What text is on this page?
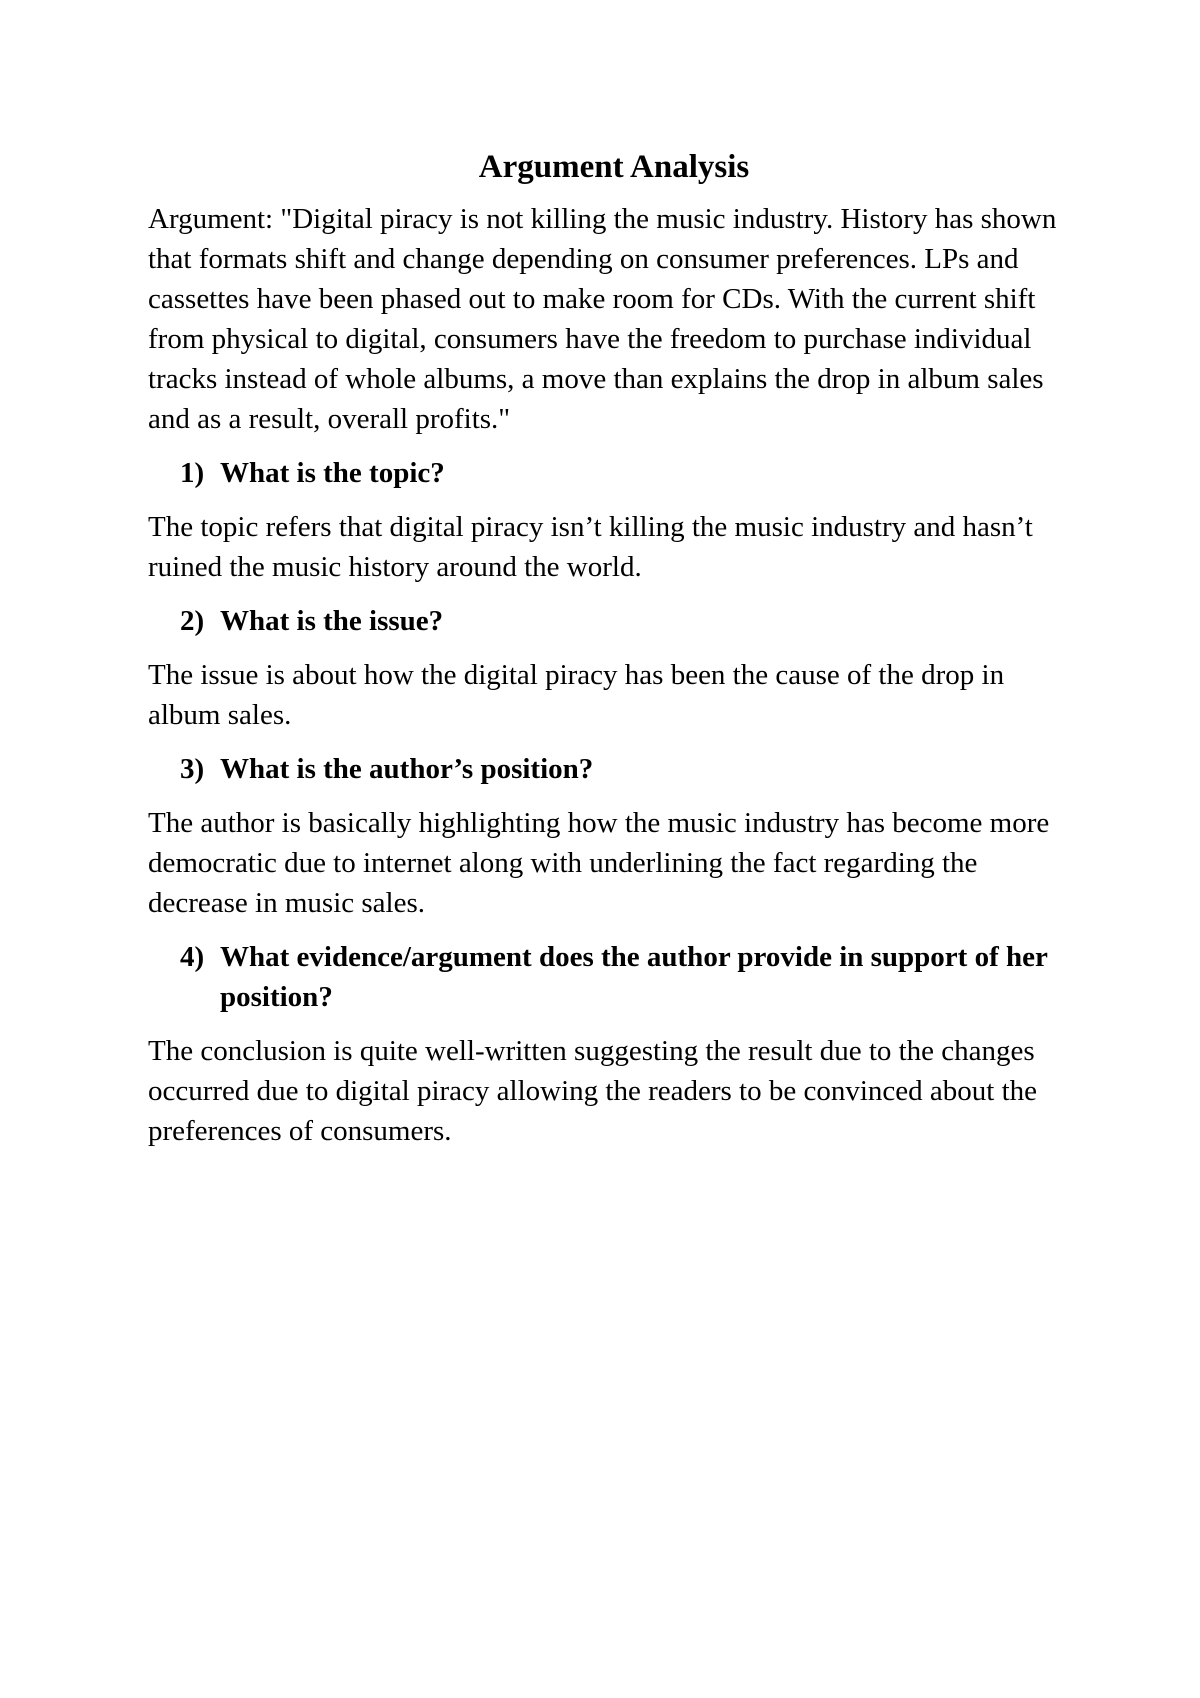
Argument Analysis

Argument: "Digital piracy is not killing the music industry. History has shown that formats shift and change depending on consumer preferences. LPs and cassettes have been phased out to make room for CDs. With the current shift from physical to digital, consumers have the freedom to purchase individual tracks instead of whole albums, a move than explains the drop in album sales and as a result, overall profits."

1) What is the topic?

The topic refers that digital piracy isn’t killing the music industry and hasn’t ruined the music history around the world.

2) What is the issue?

The issue is about how the digital piracy has been the cause of the drop in album sales.

3) What is the author’s position?

The author is basically highlighting how the music industry has become more democratic due to internet along with underlining the fact regarding the decrease in music sales.

4) What evidence/argument does the author provide in support of her position?

The conclusion is quite well-written suggesting the result due to the changes occurred due to digital piracy allowing the readers to be convinced about the preferences of consumers.
